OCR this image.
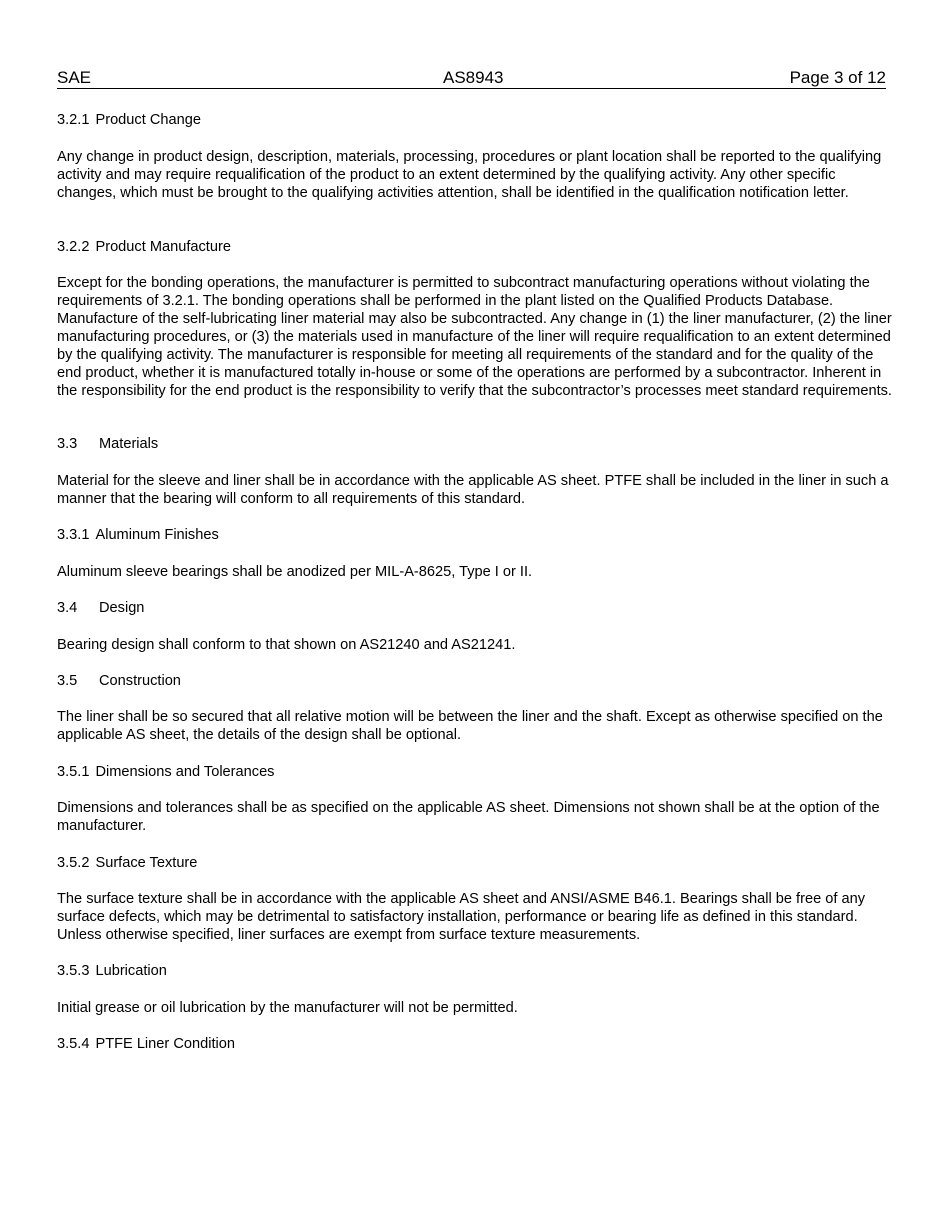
SAE	AS8943	Page 3 of 12

3.2.1 Product Change

Any change in product design, description, materials, processing, procedures or plant location shall be reported to the qualifying activity and may require requalification of the product to an extent determined by the qualifying activity. Any other specific changes, which must be brought to the qualifying activities attention, shall be identified in the qualification notification letter.

3.2.2 Product Manufacture

Except for the bonding operations, the manufacturer is permitted to subcontract manufacturing operations without violating the requirements of 3.2.1. The bonding operations shall be performed in the plant listed on the Qualified Products Database. Manufacture of the self-lubricating liner material may also be subcontracted. Any change in (1) the liner manufacturer, (2) the liner manufacturing procedures, or (3) the materials used in manufacture of the liner will require requalification to an extent determined by the qualifying activity. The manufacturer is responsible for meeting all requirements of the standard and for the quality of the end product, whether it is manufactured totally in-house or some of the operations are performed by a subcontractor. Inherent in the responsibility for the end product is the responsibility to verify that the subcontractor’s processes meet standard requirements.

3.3 Materials

Material for the sleeve and liner shall be in accordance with the applicable AS sheet. PTFE shall be included in the liner in such a manner that the bearing will conform to all requirements of this standard.

3.3.1 Aluminum Finishes

Aluminum sleeve bearings shall be anodized per MIL-A-8625, Type I or II.

3.4 Design

Bearing design shall conform to that shown on AS21240 and AS21241.

3.5 Construction

The liner shall be so secured that all relative motion will be between the liner and the shaft. Except as otherwise specified on the applicable AS sheet, the details of the design shall be optional.

3.5.1 Dimensions and Tolerances

Dimensions and tolerances shall be as specified on the applicable AS sheet. Dimensions not shown shall be at the option of the manufacturer.

3.5.2 Surface Texture

The surface texture shall be in accordance with the applicable AS sheet and ANSI/ASME B46.1. Bearings shall be free of any surface defects, which may be detrimental to satisfactory installation, performance or bearing life as defined in this standard. Unless otherwise specified, liner surfaces are exempt from surface texture measurements.

3.5.3 Lubrication

Initial grease or oil lubrication by the manufacturer will not be permitted.

3.5.4 PTFE Liner Condition
